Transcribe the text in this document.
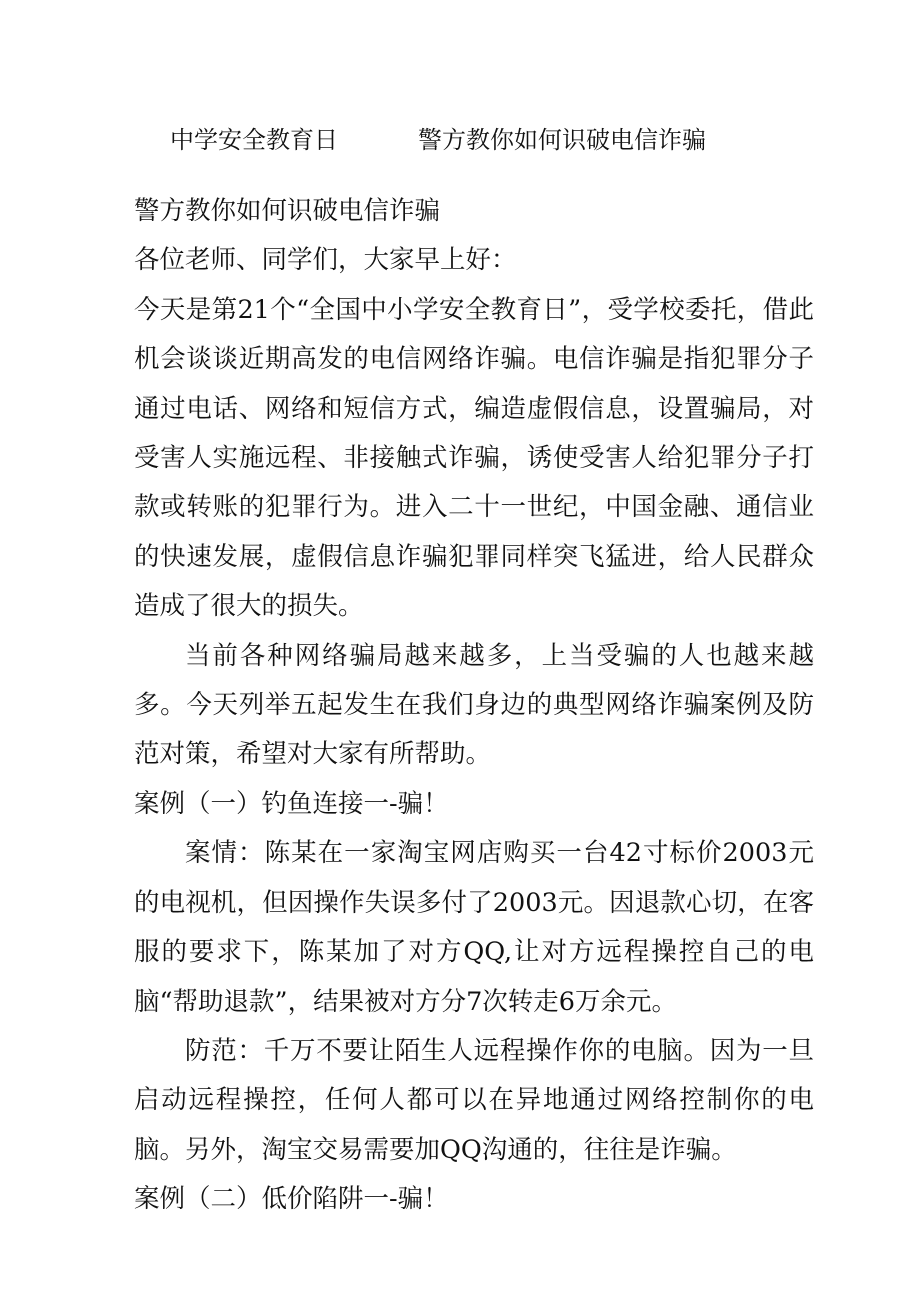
中学安全教育日	警方教你如何识破电信诈骗

警方教你如何识破电信诈骗

各位老师、同学们，大家早上好：

今天是第21个“全国中小学安全教育日”，受学校委托，借此机会谈谈近期高发的电信网络诈骗。电信诈骗是指犯罪分子通过电话、网络和短信方式，编造虚假信息，设置骗局，对受害人实施远程、非接触式诈骗，诱使受害人给犯罪分子打款或转账的犯罪行为。进入二十一世纪，中国金融、通信业的快速发展，虚假信息诈骗犯罪同样突飞猛进，给人民群众造成了很大的损失。

当前各种网络骗局越来越多，上当受骗的人也越来越多。今天列举五起发生在我们身边的典型网络诈骗案例及防范对策，希望对大家有所帮助。

案例（一）钓鱼连接一-骗！

案情：陈某在一家淘宝网店购买一台42寸标价2003元的电视机，但因操作失误多付了2003元。因退款心切，在客服的要求下，陈某加了对方QQ,让对方远程操控自己的电脑“帮助退款”，结果被对方分7次转走6万余元。

防范：千万不要让陌生人远程操作你的电脑。因为一旦启动远程操控，任何人都可以在异地通过网络控制你的电脑。另外，淘宝交易需要加QQ沟通的，往往是诈骗。

案例（二）低价陷阱一-骗！
